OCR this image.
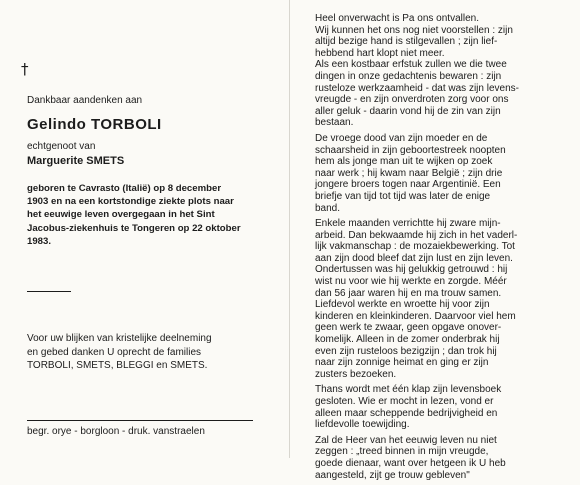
†
Dankbaar aandenken aan
Gelindo TORBOLI
echtgenoot van
Marguerite SMETS
geboren te Cavrasto (Italië) op 8 december
1903 en na een kortstondige ziekte plots naar
het eeuwige leven overgegaan in het Sint
Jacobus-ziekenhuis te Tongeren op 22 oktober
1983.
Voor uw blijken van kristelijke deelneming
en gebed danken U oprecht de families
TORBOLI, SMETS, BLEGGI en SMETS.
begr. orye - borgloon - druk. vanstraelen
Heel onverwacht is Pa ons ontvallen.
Wij kunnen het ons nog niet voorstellen : zijn
altijd bezige hand is stilgevallen ; zijn lief-
hebbend hart klopt niet meer.
Als een kostbaar erfstuk zullen we die twee
dingen in onze gedachtenis bewaren : zijn
rusteloze werkzaamheid - dat was zijn levens-
vreugde - en zijn onverdroten zorg voor ons
aller geluk - daarin vond hij de zin van zijn
bestaan.
De vroege dood van zijn moeder en de
schaarsheid in zijn geboortestreek noopten
hem als jonge man uit te wijken op zoek
naar werk ; hij kwam naar België ; zijn drie
jongere broers togen naar Argentinië. Een
briefje van tijd tot tijd was later de enige
band.
Enkele maanden verrichtte hij zware mijn-
arbeid. Dan bekwaamde hij zich in het vaderl-
lijk vakmanschap : de mozaiekbewerking. Tot
aan zijn dood bleef dat zijn lust en zijn leven.
Ondertussen was hij gelukkig getrouwd : hij
wist nu voor wie hij werkte en zorgde. Méér
dan 56 jaar waren hij en ma trouw samen.
Liefdevol werkte en wroette hij voor zijn
kinderen en kleinkinderen. Daarvoor viel hem
geen werk te zwaar, geen opgave onover-
komelijk. Alleen in de zomer onderbrak hij
even zijn rusteloos bezigzijn ; dan trok hij
naar zijn zonnige heimat en ging er zijn
zusters bezoeken.
Thans wordt met één klap zijn levensboek
gesloten. Wie er mocht in lezen, vond er
alleen maar scheppende bedrijvigheid en
liefdevolle toewijding.
Zal de Heer van het eeuwig leven nu niet
zeggen : „treed binnen in mijn vreugde,
goede dienaar, want over hetgeen ik U heb
aangesteld, zijt ge trouw gebleven"
